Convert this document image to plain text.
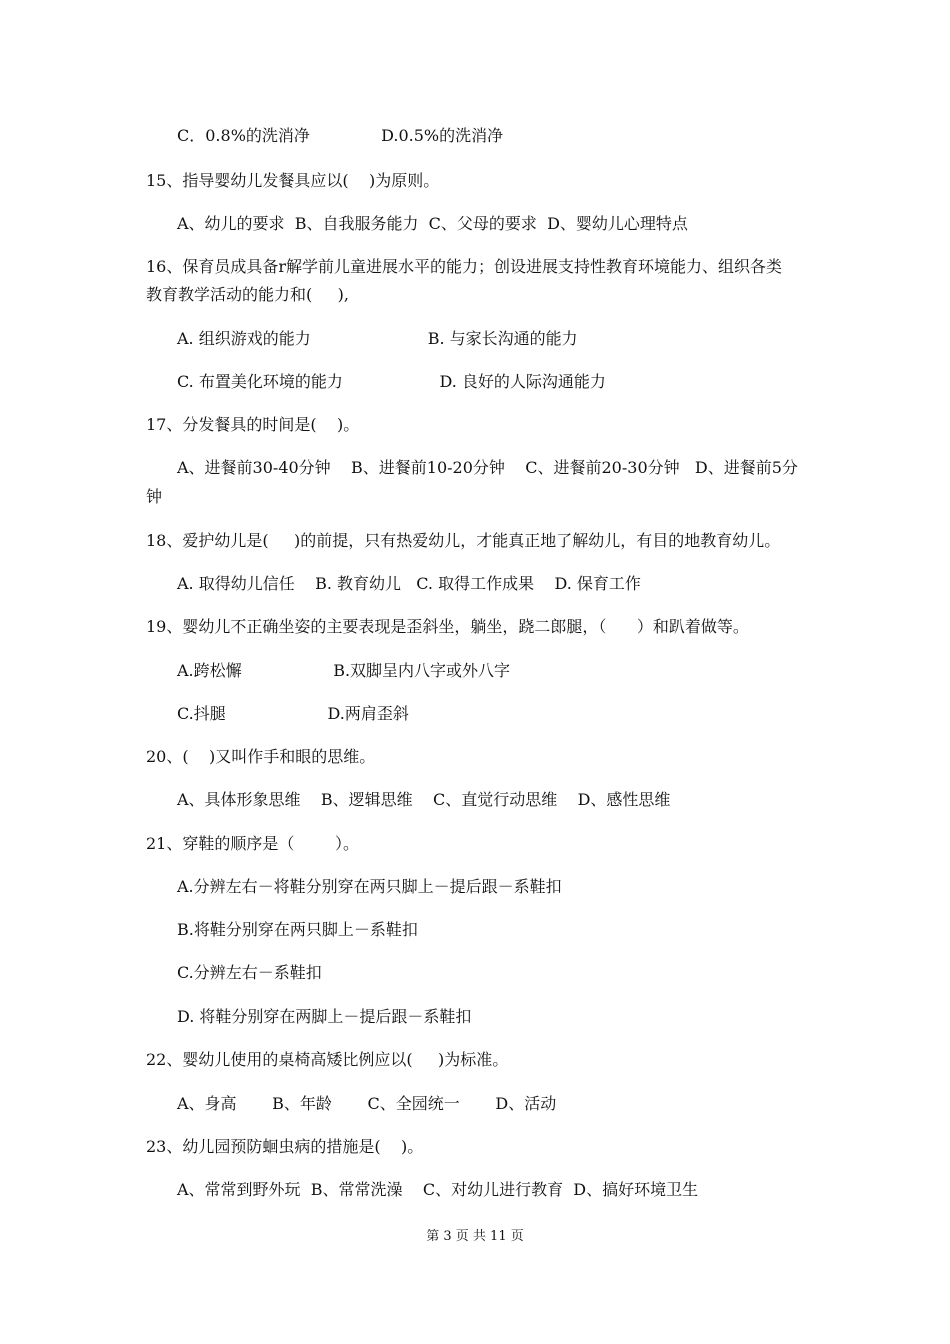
C．0.8%的洗消净              D.0.5%的洗消净
15、指导婴幼儿发餐具应以(    )为原则。
A、幼儿的要求  B、自我服务能力  C、父母的要求  D、婴幼儿心理特点
16、保育员成具备r解学前儿童进展水平的能力；创设进展支持性教育环境能力、组织各类
教育教学活动的能力和(     ),
A. 组织游戏的能力                       B. 与家长沟通的能力
C. 布置美化环境的能力                   D. 良好的人际沟通能力
17、分发餐具的时间是(    )。
A、进餐前30-40分钟    B、进餐前10-20分钟    C、进餐前20-30分钟   D、进餐前5分
钟
18、爱护幼儿是(     )的前提，只有热爱幼儿，才能真正地了解幼儿，有目的地教育幼儿。
A. 取得幼儿信任    B. 教育幼儿   C. 取得工作成果    D. 保育工作
19、婴幼儿不正确坐姿的主要表现是歪斜坐，躺坐，跷二郎腿，（      ）和趴着做等。
A.跨松懈                  B.双脚呈内八字或外八字
C.抖腿                    D.两肩歪斜
20、(    )又叫作手和眼的思维。
A、具体形象思维    B、逻辑思维    C、直觉行动思维    D、感性思维
21、穿鞋的顺序是（        ）。
A.分辨左右－将鞋分别穿在两只脚上－提后跟－系鞋扣
B.将鞋分别穿在两只脚上－系鞋扣
C.分辨左右－系鞋扣
D. 将鞋分别穿在两脚上－提后跟－系鞋扣
22、婴幼儿使用的桌椅高矮比例应以(     )为标准。
A、身高       B、年龄       C、全园统一       D、活动
23、幼儿园预防蛔虫病的措施是(    )。
A、常常到野外玩  B、常常洗澡    C、对幼儿进行教育  D、搞好环境卫生
第 3 页 共 11 页
